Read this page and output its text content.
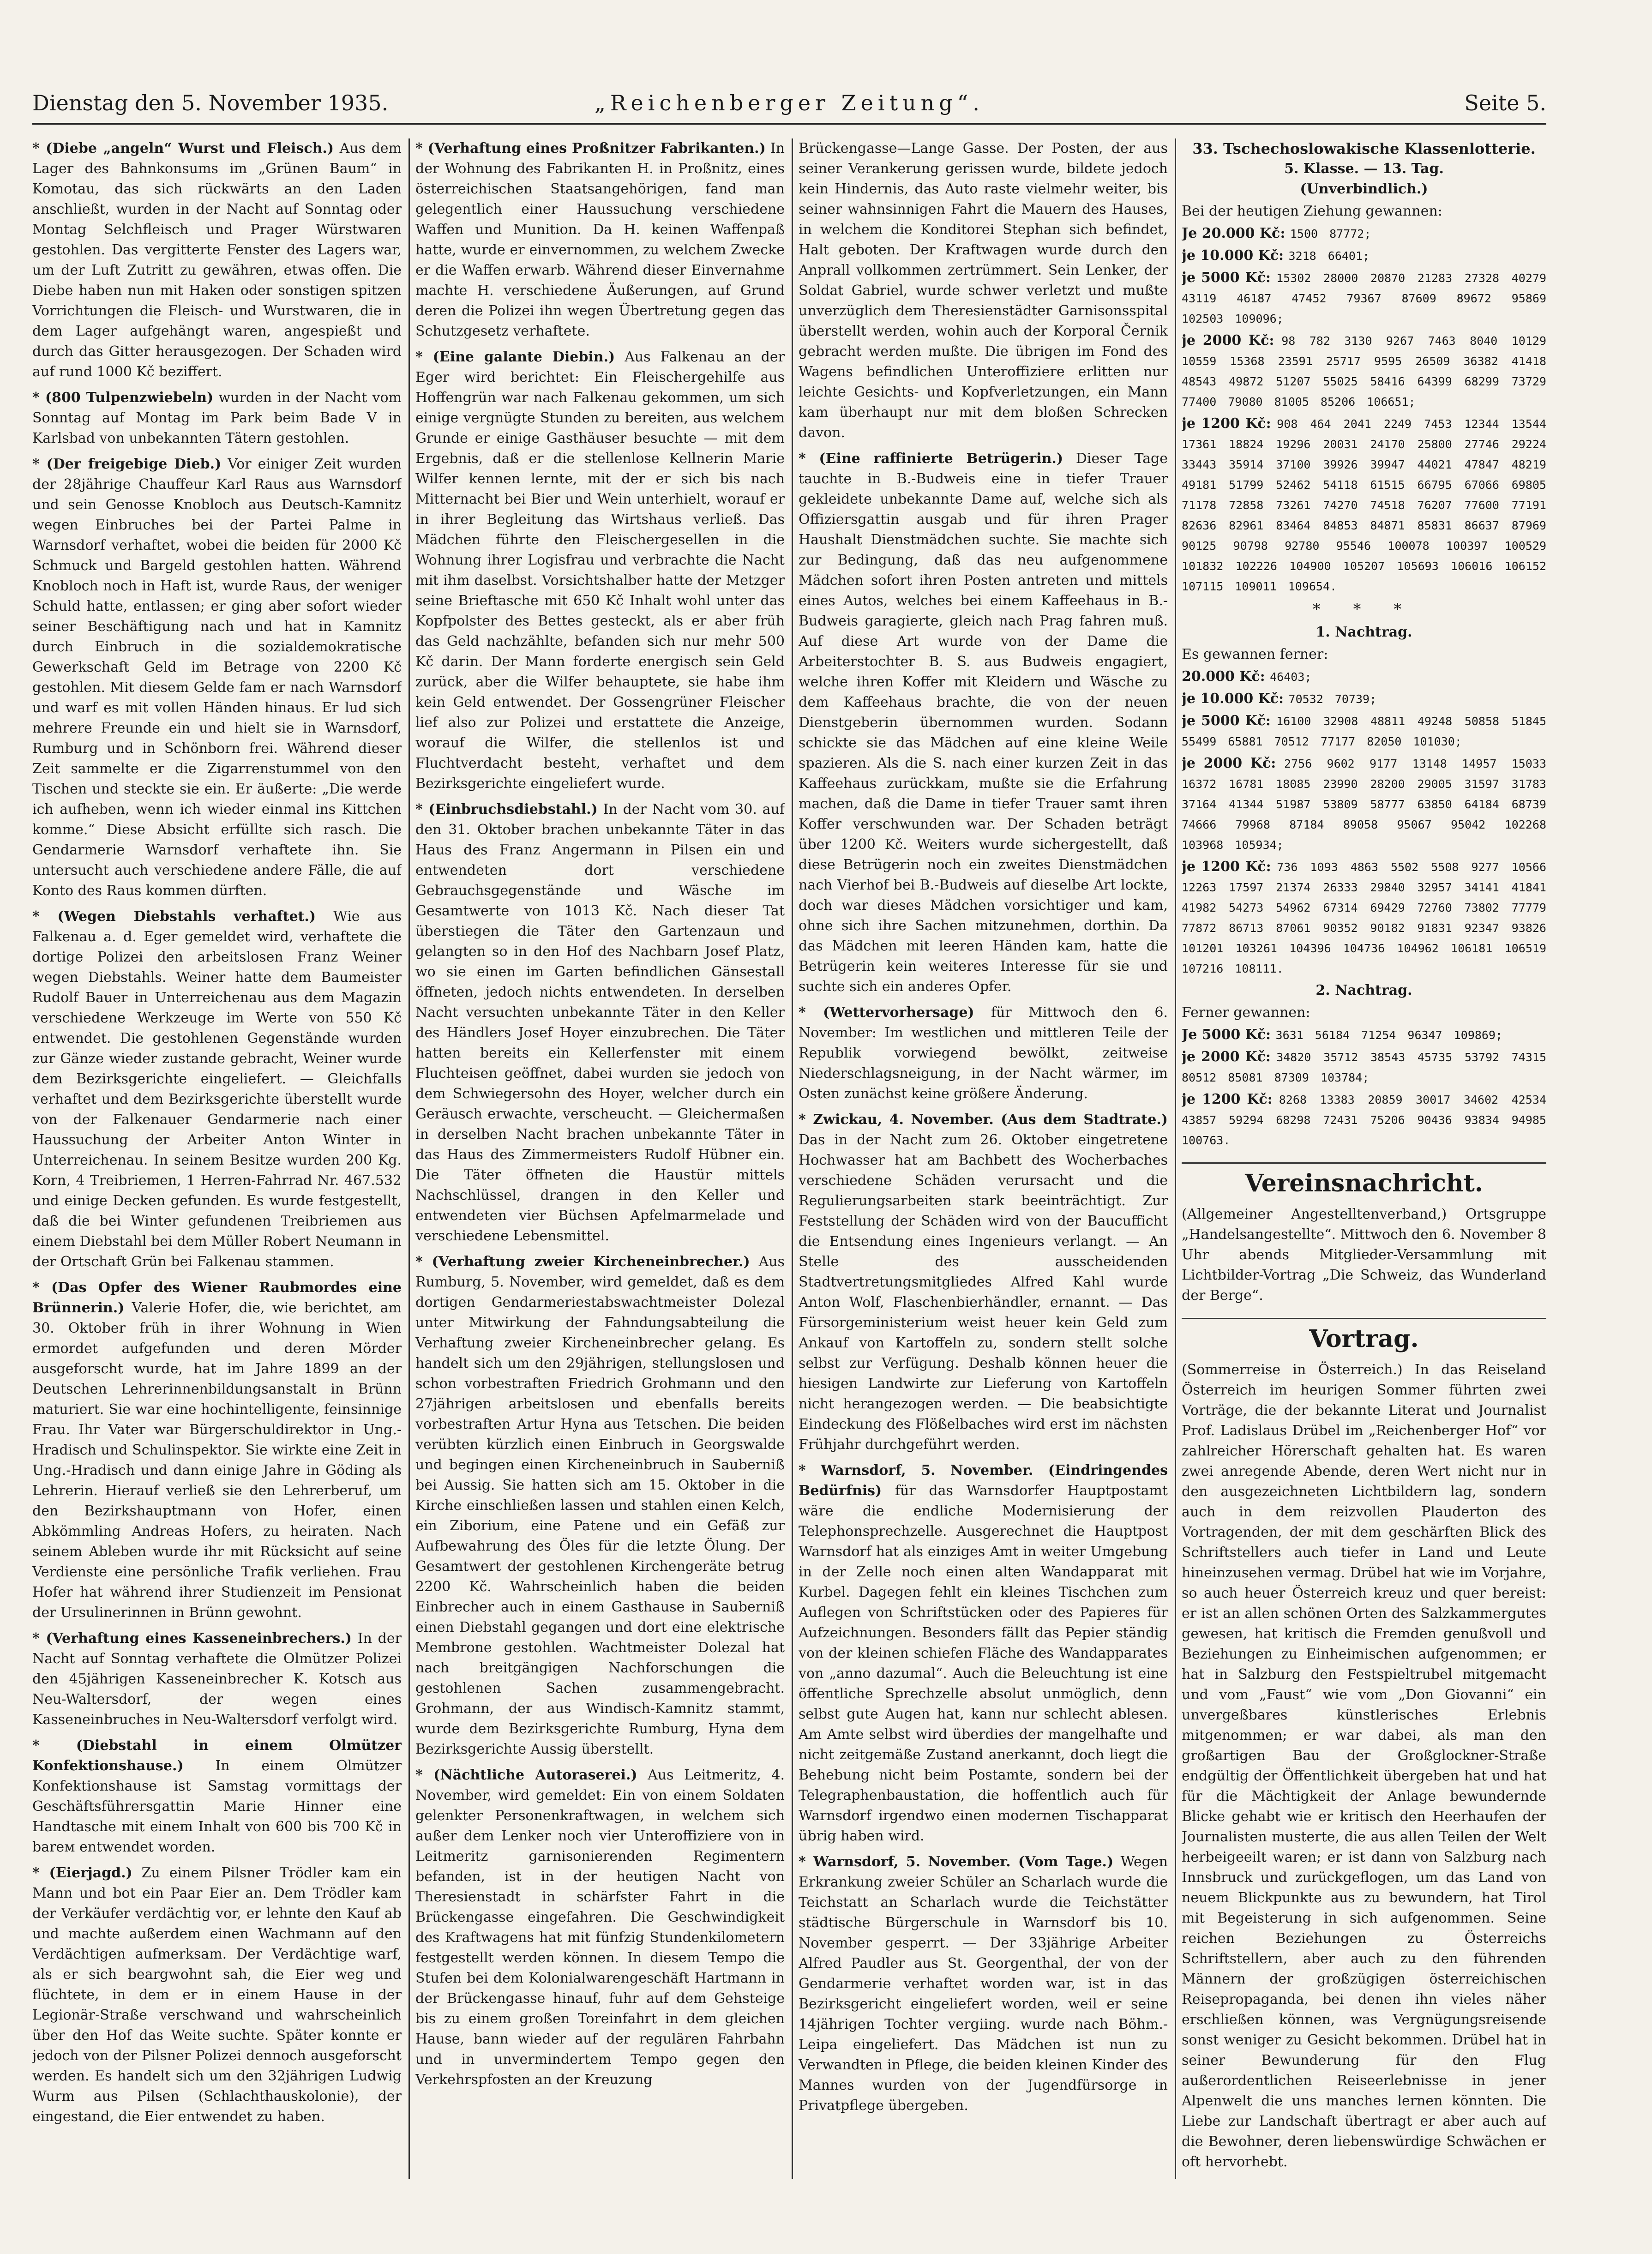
Dienstag den 5. November 1935.	„Reichenberger Zeitung“.	Seite 5.

* (Diebe „angeln“ Wurst und Fleisch.) Aus dem Lager des Bahnkonsums im „Grünen Baum“ in Komotau, das sich rückwärts an den Laden anschließt, wurden in der Nacht auf Sonntag oder Montag Selchfleisch und Prager Würstwaren gestohlen. Das vergitterte Fenster des Lagers war, um der Luft Zutritt zu gewähren, etwas offen. Die Diebe haben nun mit Haken oder sonstigen spitzen Vorrichtungen die Fleisch- und Wurstwaren, die in dem Lager aufgehängt waren, angespießt und durch das Gitter herausgezogen. Der Schaden wird auf rund 1000 Kč beziffert.

* (800 Tulpenzwiebeln) wurden in der Nacht vom Sonntag auf Montag im Park beim Bade V in Karlsbad von unbekannten Tätern gestohlen.

* (Der freigebige Dieb.) Vor einiger Zeit wurden der 28jährige Chauffeur Karl Raus aus Warnsdorf und sein Genosse Knobloch aus Deutsch-Kamnitz wegen Einbruches bei der Partei Palme in Warnsdorf verhaftet, wobei die beiden für 2000 Kč Schmuck und Bargeld gestohlen hatten. Während Knobloch noch in Haft ist, wurde Raus, der weniger Schuld hatte, entlassen; er ging aber sofort wieder seiner Beschäftigung nach und hat in Kamnitz durch Einbruch in die sozialdemokratische Gewerkschaft Geld im Betrage von 2200 Kč gestohlen. Mit diesem Gelde fam er nach Warnsdorf und warf es mit vollen Händen hinaus. Er lud sich mehrere Freunde ein und hielt sie in Warnsdorf, Rumburg und in Schönborn frei. Während dieser Zeit sammelte er die Zigarrenstummel von den Tischen und steckte sie ein. Er äußerte: „Die werde ich aufheben, wenn ich wieder einmal ins Kittchen komme.“ Diese Absicht erfüllte sich rasch. Die Gendarmerie Warnsdorf verhaftete ihn. Sie untersucht auch verschiedene andere Fälle, die auf Konto des Raus kommen dürften.

* (Wegen Diebstahls verhaftet.) Wie aus Falkenau a. d. Eger gemeldet wird, verhaftete die dortige Polizei den arbeitslosen Franz Weiner wegen Diebstahls. Weiner hatte dem Baumeister Rudolf Bauer in Unterreichenau aus dem Magazin verschiedene Werkzeuge im Werte von 550 Kč entwendet. Die gestohlenen Gegenstände wurden zur Gänze wieder zustande gebracht, Weiner wurde dem Bezirksgerichte eingeliefert. — Gleichfalls verhaftet und dem Bezirksgerichte überstellt wurde von der Falkenauer Gendarmerie nach einer Haussuchung der Arbeiter Anton Winter in Unterreichenau. In seinem Besitze wurden 200 Kg. Korn, 4 Treibriemen, 1 Herren-Fahrrad Nr. 467.532 und einige Decken gefunden. Es wurde festgestellt, daß die bei Winter gefundenen Treibriemen aus einem Diebstahl bei dem Müller Robert Neumann in der Ortschaft Grün bei Falkenau stammen.

* (Das Opfer des Wiener Raubmordes eine Brünnerin.) Valerie Hofer, die, wie berichtet, am 30. Oktober früh in ihrer Wohnung in Wien ermordet aufgefunden und deren Mörder ausgeforscht wurde, hat im Jahre 1899 an der Deutschen Lehrerinnenbildungsanstalt in Brünn maturiert. Sie war eine hochintelligente, feinsinnige Frau. Ihr Vater war Bürgerschuldirektor in Ung.-Hradisch und Schulinspektor. Sie wirkte eine Zeit in Ung.-Hradisch und dann einige Jahre in Göding als Lehrerin. Hierauf verließ sie den Lehrerberuf, um den Bezirkshauptmann von Hofer, einen Abkömmling Andreas Hofers, zu heiraten. Nach seinem Ableben wurde ihr mit Rücksicht auf seine Verdienste eine persönliche Trafik verliehen. Frau Hofer hat während ihrer Studienzeit im Pensionat der Ursulinerinnen in Brünn gewohnt.

* (Verhaftung eines Kasseneinbrechers.) In der Nacht auf Sonntag verhaftete die Olmützer Polizei den 45jährigen Kasseneinbrecher K. Kotsch aus Neu-Waltersdorf, der wegen eines Kasseneinbruches in Neu-Waltersdorf verfolgt wird.

* (Diebstahl in einem Olmützer Konfektionshause.) In einem Olmützer Konfektionshause ist Samstag vormittags der Geschäftsführersgattin Marie Hinner eine Handtasche mit einem Inhalt von 600 bis 700 Kč in bareм entwendet worden.

* (Eierjagd.) Zu einem Pilsner Trödler kam ein Mann und bot ein Paar Eier an. Dem Trödler kam der Verkäufer verdächtig vor, er lehnte den Kauf ab und machte außerdem einen Wachmann auf den Verdächtigen aufmerksam. Der Verdächtige warf, als er sich beargwohnt sah, die Eier weg und flüchtete, in dem er in einem Hause in der Legionär-Straße verschwand und wahrscheinlich über den Hof das Weite suchte. Später konnte er jedoch von der Pilsner Polizei dennoch ausgeforscht werden. Es handelt sich um den 32jährigen Ludwig Wurm aus Pilsen (Schlachthauskolonie), der eingestand, die Eier entwendet zu haben.

* (Verhaftung eines Proßnitzer Fabrikanten.) In der Wohnung des Fabrikanten H. in Proßnitz, eines österreichischen Staatsangehörigen, fand man gelegentlich einer Haussuchung verschiedene Waffen und Munition. Da H. keinen Waffenpaß hatte, wurde er einvernommen, zu welchem Zwecke er die Waffen erwarb. Während dieser Einvernahme machte H. verschiedene Äußerungen, auf Grund deren die Polizei ihn wegen Übertretung gegen das Schutzgesetz verhaftete.

* (Eine galante Diebin.) Aus Falkenau an der Eger wird berichtet: Ein Fleischergehilfe aus Hoffengrün war nach Falkenau gekommen, um sich einige vergnügte Stunden zu bereiten, aus welchem Grunde er einige Gasthäuser besuchte — mit dem Ergebnis, daß er die stellenlose Kellnerin Marie Wilfer kennen lernte, mit der er sich bis nach Mitternacht bei Bier und Wein unterhielt, worauf er in ihrer Begleitung das Wirtshaus verließ. Das Mädchen führte den Fleischergesellen in die Wohnung ihrer Logisfrau und verbrachte die Nacht mit ihm daselbst. Vorsichtshalber hatte der Metzger seine Brieftasche mit 650 Kč Inhalt wohl unter das Kopfpolster des Bettes gesteckt, als er aber früh das Geld nachzählte, befanden sich nur mehr 500 Kč darin. Der Mann forderte energisch sein Geld zurück, aber die Wilfer behauptete, sie habe ihm kein Geld entwendet. Der Gossengrüner Fleischer lief also zur Polizei und erstattete die Anzeige, worauf die Wilfer, die stellenlos ist und Fluchtverdacht besteht, verhaftet und dem Bezirksgerichte eingeliefert wurde.

* (Einbruchsdiebstahl.) In der Nacht vom 30. auf den 31. Oktober brachen unbekannte Täter in das Haus des Franz Angermann in Pilsen ein und entwendeten dort verschiedene Gebrauchsgegenstände und Wäsche im Gesamtwerte von 1013 Kč. Nach dieser Tat überstiegen die Täter den Gartenzaun und gelangten so in den Hof des Nachbarn Josef Platz, wo sie einen im Garten befindlichen Gänsestall öffneten, jedoch nichts entwendeten. In derselben Nacht versuchten unbekannte Täter in den Keller des Händlers Josef Hoyer einzubrechen. Die Täter hatten bereits ein Kellerfenster mit einem Fluchteisen geöffnet, dabei wurden sie jedoch von dem Schwiegersohn des Hoyer, welcher durch ein Geräusch erwachte, verscheucht. — Gleichermaßen in derselben Nacht brachen unbekannte Täter in das Haus des Zimmermeisters Rudolf Hübner ein. Die Täter öffneten die Haustür mittels Nachschlüssel, drangen in den Keller und entwendeten vier Büchsen Apfelmarmelade und verschiedene Lebensmittel.

* (Verhaftung zweier Kircheneinbrecher.) Aus Rumburg, 5. November, wird gemeldet, daß es dem dortigen Gendarmeriestabswachtmeister Dolezal unter Mitwirkung der Fahndungsabteilung die Verhaftung zweier Kircheneinbrecher gelang. Es handelt sich um den 29jährigen, stellungslosen und schon vorbestraften Friedrich Grohmann und den 27jährigen arbeitslosen und ebenfalls bereits vorbestraften Artur Hyna aus Tetschen. Die beiden verübten kürzlich einen Einbruch in Georgswalde und begingen einen Kircheneinbruch in Sauberniß bei Aussig. Sie hatten sich am 15. Oktober in die Kirche einschließen lassen und stahlen einen Kelch, ein Ziborium, eine Patene und ein Gefäß zur Aufbewahrung des Öles für die letzte Ölung. Der Gesamtwert der gestohlenen Kirchengeräte betrug 2200 Kč. Wahrscheinlich haben die beiden Einbrecher auch in einem Gasthause in Sauberniß einen Diebstahl gegangen und dort eine elektrische Membrone gestohlen. Wachtmeister Dolezal hat nach breitgängigen Nachforschungen die gestohlenen Sachen zusammengebracht. Grohmann, der aus Windisch-Kamnitz stammt, wurde dem Bezirksgerichte Rumburg, Hyna dem Bezirksgerichte Aussig überstellt.

* (Nächtliche Autoraserei.) Aus Leitmeritz, 4. November, wird gemeldet: Ein von einem Soldaten gelenkter Personenkraftwagen, in welchem sich außer dem Lenker noch vier Unteroffiziere von in Leitmeritz garnisonierenden Regimentern befanden, ist in der heutigen Nacht von Theresienstadt in schärfster Fahrt in die Brückengasse eingefahren. Die Geschwindigkeit des Kraftwagens hat mit fünfzig Stundenkilometern festgestellt werden können. In diesem Tempo die Stufen bei dem Kolonialwarengeschäft Hartmann in der Brückengasse hinauf, fuhr auf dem Gehsteige bis zu einem großen Toreinfahrt in dem gleichen Hause, bann wieder auf der regulären Fahrbahn und in unvermindertem Tempo gegen den Verkehrspfosten an der Kreuzung

Brückengasse—Lange Gasse. Der Posten, der aus seiner Verankerung gerissen wurde, bildete jedoch kein Hindernis, das Auto raste vielmehr weiter, bis seiner wahnsinnigen Fahrt die Mauern des Hauses, in welchem die Konditorei Stephan sich befindet, Halt geboten. Der Kraftwagen wurde durch den Anprall vollkommen zertrümmert. Sein Lenker, der Soldat Gabriel, wurde schwer verletzt und mußte unverzüglich dem Theresienstädter Garnisonsspital überstellt werden, wohin auch der Korporal Černik gebracht werden mußte. Die übrigen im Fond des Wagens befindlichen Unteroffiziere erlitten nur leichte Gesichts- und Kopfverletzungen, ein Mann kam überhaupt nur mit dem bloßen Schrecken davon.

* (Eine raffinierte Betrügerin.) Dieser Tage tauchte in B.-Budweis eine in tiefer Trauer gekleidete unbekannte Dame auf, welche sich als Offiziersgattin ausgab und für ihren Prager Haushalt Dienstmädchen suchte. Sie machte sich zur Bedingung, daß das neu aufgenommene Mädchen sofort ihren Posten antreten und mittels eines Autos, welches bei einem Kaffeehaus in B.-Budweis garagierte, gleich nach Prag fahren muß. Auf diese Art wurde von der Dame die Arbeiterstochter B. S. aus Budweis engagiert, welche ihren Koffer mit Kleidern und Wäsche zu dem Kaffeehaus brachte, die von der neuen Dienstgeberin übernommen wurden. Sodann schickte sie das Mädchen auf eine kleine Weile spazieren. Als die S. nach einer kurzen Zeit in das Kaffeehaus zurückkam, mußte sie die Erfahrung machen, daß die Dame in tiefer Trauer samt ihren Koffer verschwunden war. Der Schaden beträgt über 1200 Kč. Weiters wurde sichergestellt, daß diese Betrügerin noch ein zweites Dienstmädchen nach Vierhof bei B.-Budweis auf dieselbe Art lockte, doch war dieses Mädchen vorsichtiger und kam, ohne sich ihre Sachen mitzunehmen, dorthin. Da das Mädchen mit leeren Händen kam, hatte die Betrügerin kein weiteres Interesse für sie und suchte sich ein anderes Opfer.

* (Wettervorhersage) für Mittwoch den 6. November: Im westlichen und mittleren Teile der Republik vorwiegend bewölkt, zeitweise Niederschlagsneigung, in der Nacht wärmer, im Osten zunächst keine größere Änderung.

* Zwickau, 4. November. (Aus dem Stadtrate.) Das in der Nacht zum 26. Oktober eingetretene Hochwasser hat am Bachbett des Wocherbaches verschiedene Schäden verursacht und die Regulierungsarbeiten stark beeinträchtigt. Zur Feststellung der Schäden wird von der Baucufficht die Entsendung eines Ingenieurs verlangt. — An Stelle des ausscheidenden Stadtvertretungsmitgliedes Alfred Kahl wurde Anton Wolf, Flaschenbierhändler, ernannt. — Das Fürsorgeministerium weist heuer kein Geld zum Ankauf von Kartoffeln zu, sondern stellt solche selbst zur Verfügung. Deshalb können heuer die hiesigen Landwirte zur Lieferung von Kartoffeln nicht herangezogen werden. — Die beabsichtigte Eindeckung des Flößelbaches wird erst im nächsten Frühjahr durchgeführt werden.

* Warnsdorf, 5. November. (Eindringendes Bedürfnis) für das Warnsdorfer Hauptpostamt wäre die endliche Modernisierung der Telephonsprechzelle. Ausgerechnet die Hauptpost Warnsdorf hat als einziges Amt in weiter Umgebung in der Zelle noch einen alten Wandapparat mit Kurbel. Dagegen fehlt ein kleines Tischchen zum Auflegen von Schriftstücken oder des Papieres für Aufzeichnungen. Besonders fällt das Pepier ständig von der kleinen schiefen Fläche des Wandapparates von „anno dazumal“. Auch die Beleuchtung ist eine öffentliche Sprechzelle absolut unmöglich, denn selbst gute Augen hat, kann nur schlecht ablesen. Am Amte selbst wird überdies der mangelhafte und nicht zeitgemäße Zustand anerkannt, doch liegt die Behebung nicht beim Postamte, sondern bei der Telegraphenbaustation, die hoffentlich auch für Warnsdorf irgendwo einen modernen Tischapparat übrig haben wird.

* Warnsdorf, 5. November. (Vom Tage.) Wegen Erkrankung zweier Schüler an Scharlach wurde die Teichstatt an Scharlach wurde die Teichstätter städtische Bürgerschule in Warnsdorf bis 10. November gesperrt. — Der 33jährige Arbeiter Alfred Paudler aus St. Georgenthal, der von der Gendarmerie verhaftet worden war, ist in das Bezirksgericht eingeliefert worden, weil er seine 14jährigen Tochter vergiing. wurde nach Böhm.-Leipa eingeliefert. Das Mädchen ist nun zu Verwandten in Pflege, die beiden kleinen Kinder des Mannes wurden von der Jugendfürsorge in Privatpflege übergeben.

33. Tschechoslowakische Klassenlotterie.
5. Klasse. — 13. Tag.
(Unverbindlich.)
Bei der heutigen Ziehung gewannen:
Je 20.000 Kč: 1500 87772;
je 10.000 Kč: 3218 66401;
je 5000 Kč: 15302 28000 20870 21283 27328 40279 43119 46187 47452 79367 87609 89672 95869 102503 109096;
je 2000 Kč: 98 782 3130 9267 7463 8040 10129 10559 15368 23591 25717 9595 26509 36382 41418 48543 49872 51207 55025 58416 64399 68299 73729 77400 79080 81005 85206 106651;
je 1200 Kč: 908 464 2041 2249 7453 12344 13544 17361 18824 19296 20031 24170 25800 27746 29224 33443 35914 37100 39926 39947 44021 47847 48219 49181 51799 52462 54118 61515 66795 67066 69805 71178 72858 73261 74270 74518 76207 77600 77191 82636 82961 83464 84853 84871 85831 86637 87969 90125 90798 92780 95546 100078 100397 100529 101832 102226 104900 105207 105693 106016 106152 107115 109011 109654.
* * *
1. Nachtrag.
Es gewannen ferner:
20.000 Kč: 46403;
je 10.000 Kč: 70532 70739;
je 5000 Kč: 16100 32908 48811 49248 50858 51845 55499 65881 70512 77177 82050 101030;
je 2000 Kč: 2756 9602 9177 13148 14957 15033 16372 16781 18085 23990 28200 29005 31597 31783 37164 41344 51987 53809 58777 63850 64184 68739 74666 79968 87184 89058 95067 95042 102268 103968 105934;
je 1200 Kč: 736 1093 4863 5502 5508 9277 10566 12263 17597 21374 26333 29840 32957 34141 41841 41982 54273 54962 67314 69429 72760 73802 77779 77872 86713 87061 90352 90182 91831 92347 93826 101201 103261 104396 104736 104962 106181 106519 107216 108111.
2. Nachtrag.
Ferner gewannen:
Je 5000 Kč: 3631 56184 71254 96347 109869;
je 2000 Kč: 34820 35712 38543 45735 53792 74315 80512 85081 87309 103784;
je 1200 Kč: 8268 13383 20859 30017 34602 42534 43857 59294 68298 72431 75206 90436 93834 94985 100763.
Vereinsnachricht.
(Allgemeiner Angestelltenverband,) Ortsgruppe „Handelsangestellte“. Mittwoch den 6. November 8 Uhr abends Mitglieder-Versammlung mit Lichtbilder-Vortrag „Die Schweiz, das Wunderland der Berge“.
Vortrag.
(Sommerreise in Österreich.) In das Reiseland Österreich im heurigen Sommer führten zwei Vorträge, die der bekannte Literat und Journalist Prof. Ladislaus Drübel im „Reichenberger Hof“ vor zahlreicher Hörerschaft gehalten hat. Es waren zwei anregende Abende, deren Wert nicht nur in den ausgezeichneten Lichtbildern lag, sondern auch in dem reizvollen Plauderton des Vortragenden, der mit dem geschärften Blick des Schriftstellers auch tiefer in Land und Leute hineinzusehen vermag. Drübel hat wie im Vorjahre, so auch heuer Österreich kreuz und quer bereist: er ist an allen schönen Orten des Salzkammergutes gewesen, hat kritisch die Fremden genußvoll und Beziehungen zu Einheimischen aufgenommen; er hat in Salzburg den Festspieltrubel mitgemacht und vom „Faust“ wie vom „Don Giovanni“ ein unvergeßbares künstlerisches Erlebnis mitgenommen; er war dabei, als man den großartigen Bau der Großglockner-Straße endgültig der Öffentlichkeit übergeben hat und hat für die Mächtigkeit der Anlage bewundernde Blicke gehabt wie er kritisch den Heerhaufen der Journalisten musterte, die aus allen Teilen der Welt herbeigeeilt waren; er ist dann von Salzburg nach Innsbruck und zurückgeflogen, um das Land von neuem Blickpunkte aus zu bewundern, hat Tirol mit Begeisterung in sich aufgenommen. Seine reichen Beziehungen zu Österreichs Schriftstellern, aber auch zu den führenden Männern der großzügigen österreichischen Reisepropaganda, bei denen ihn vieles näher erschließen können, was Vergnügungsreisende sonst weniger zu Gesicht bekommen. Drübel hat in seiner Bewunderung für den Flug außerordentlichen Reiseerlebnisse in jener Alpenwelt die uns manches lernen könnten. Die Liebe zur Landschaft übertragt er aber auch auf die Bewohner, deren liebenswürdige Schwächen er oft hervorhebt.
